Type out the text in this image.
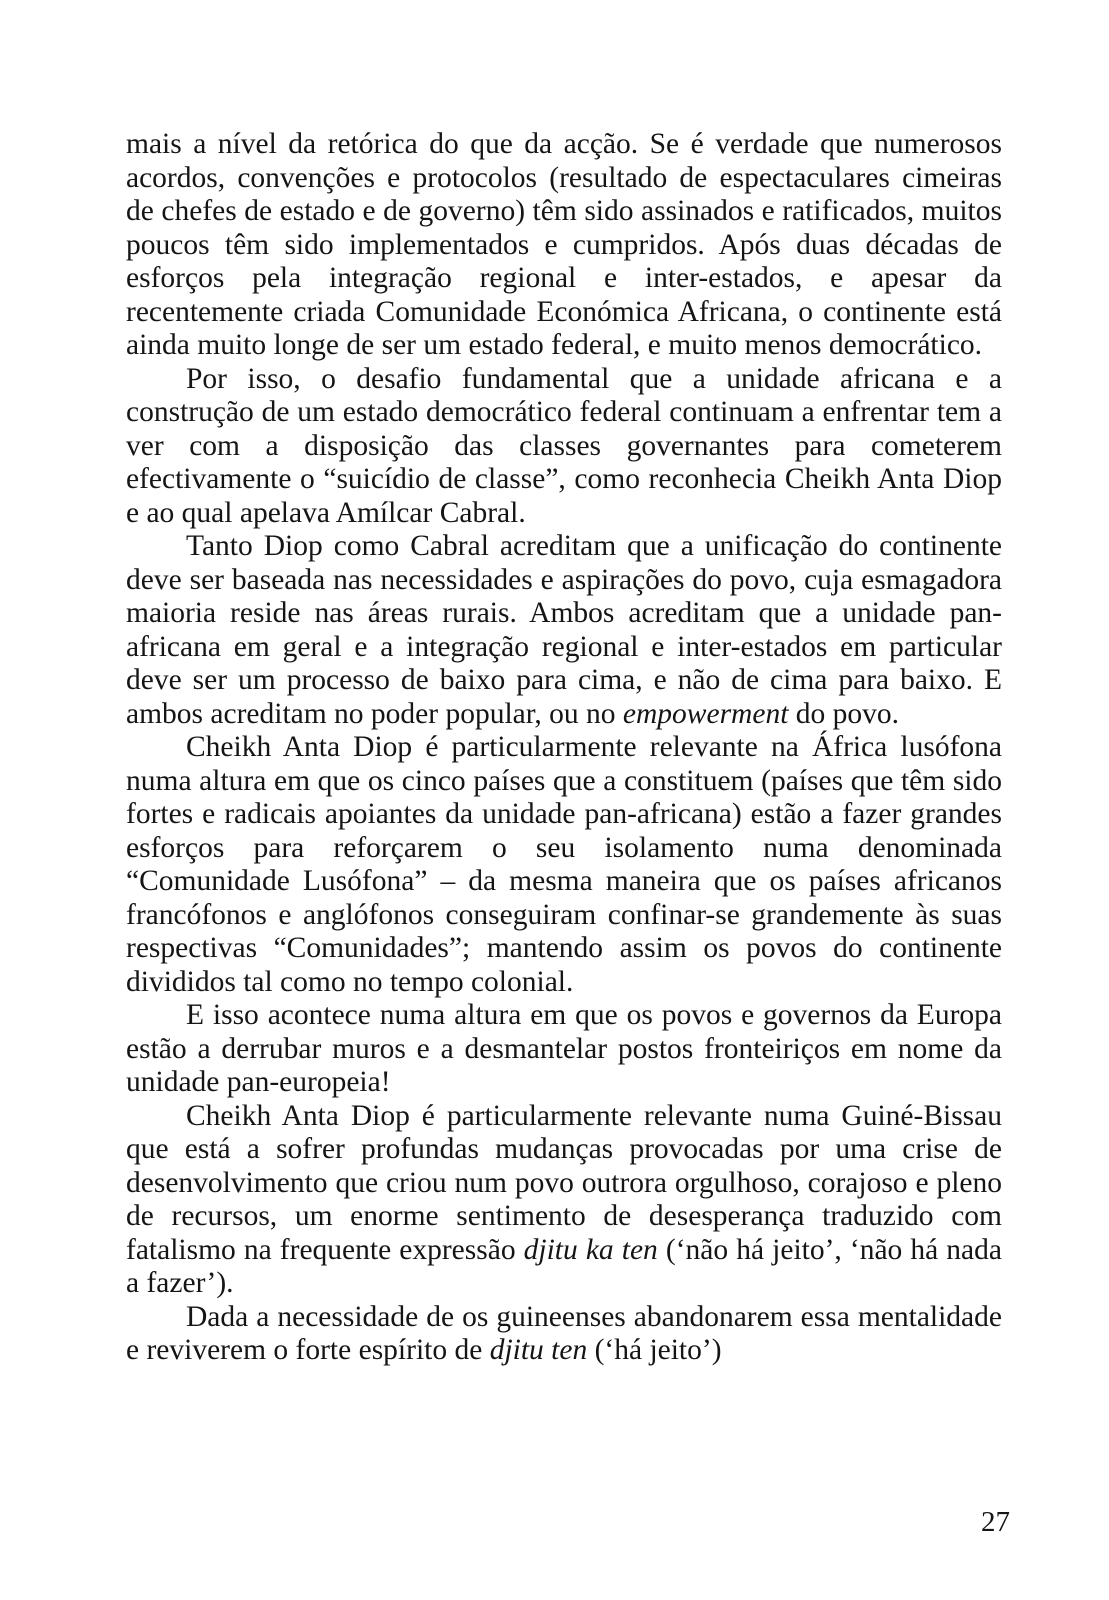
mais a nível da retórica do que da acção. Se é verdade que numerosos acordos, convenções e protocolos (resultado de espectaculares cimeiras de chefes de estado e de governo) têm sido assinados e ratificados, muitos poucos têm sido implementados e cumpridos. Após duas décadas de esforços pela integração regional e inter-estados, e apesar da recentemente criada Comunidade Económica Africana, o continente está ainda muito longe de ser um estado federal, e muito menos democrático.

Por isso, o desafio fundamental que a unidade africana e a construção de um estado democrático federal continuam a enfrentar tem a ver com a disposição das classes governantes para cometerem efectivamente o “suicídio de classe”, como reconhecia Cheikh Anta Diop e ao qual apelava Amílcar Cabral.

Tanto Diop como Cabral acreditam que a unificação do continente deve ser baseada nas necessidades e aspirações do povo, cuja esmagadora maioria reside nas áreas rurais. Ambos acreditam que a unidade pan-africana em geral e a integração regional e inter-estados em particular deve ser um processo de baixo para cima, e não de cima para baixo. E ambos acreditam no poder popular, ou no empowerment do povo.

Cheikh Anta Diop é particularmente relevante na África lusófona numa altura em que os cinco países que a constituem (países que têm sido fortes e radicais apoiantes da unidade pan-africana) estão a fazer grandes esforços para reforçarem o seu isolamento numa denominada “Comunidade Lusófona” – da mesma maneira que os países africanos francófonos e anglófonos conseguiram confinar-se grandemente às suas respectivas “Comunidades”; mantendo assim os povos do continente divididos tal como no tempo colonial.

E isso acontece numa altura em que os povos e governos da Europa estão a derrubar muros e a desmantelar postos fronteiriços em nome da unidade pan-europeia!

Cheikh Anta Diop é particularmente relevante numa Guiné-Bissau que está a sofrer profundas mudanças provocadas por uma crise de desenvolvimento que criou num povo outrora orgulhoso, corajoso e pleno de recursos, um enorme sentimento de desesperança traduzido com fatalismo na frequente expressão djitu ka ten (‘não há jeito’, ‘não há nada a fazer’).

Dada a necessidade de os guineenses abandonarem essa mentalidade e reviverem o forte espírito de djitu ten (‘há jeito’)

27
